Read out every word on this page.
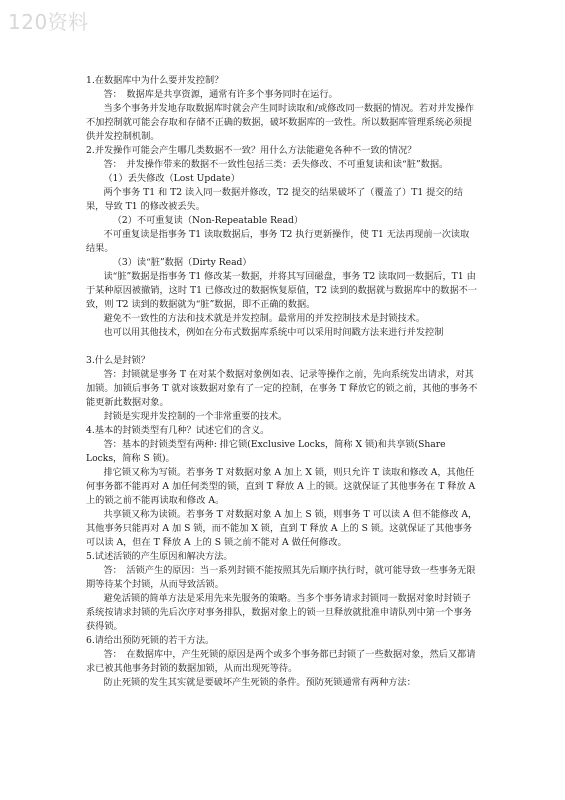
120资料

1.在数据库中为什么要并发控制？

答：　数据库是共享资源，通常有许多个事务同时在运行。

当多个事务并发地存取数据库时就会产生同时读取和/或修改同一数据的情况。若对并发操作不加控制就可能会存取和存储不正确的数据，破坏数据库的一致性。所以数据库管理系统必须提供并发控制机制。

2.并发操作可能会产生哪几类数据不一致？用什么方法能避免各种不一致的情况？

答：　并发操作带来的数据不一致性包括三类：丢失修改、不可重复读和读“脏”数据。

（1）丢失修改（Lost Update）

两个事务 T1 和 T2 读入同一数据并修改，T2 提交的结果破坏了（覆盖了）T1 提交的结果，导致 T1 的修改被丢失。

（2）不可重复读（Non-Repeatable Read）

不可重复读是指事务 T1 读取数据后，事务 T2 执行更新操作，使 T1 无法再现前一次读取结果。

（3）读“脏”数据（Dirty Read）

读“脏”数据是指事务 T1 修改某一数据，并将其写回磁盘，事务 T2 读取同一数据后，T1 由于某种原因被撤销，这时 T1 已修改过的数据恢复原值，T2 读到的数据就与数据库中的数据不一致，则 T2 读到的数据就为“脏”数据，即不正确的数据。

避免不一致性的方法和技术就是并发控制。最常用的并发控制技术是封锁技术。

也可以用其他技术，例如在分布式数据库系统中可以采用时间戳方法来进行并发控制

3.什么是封锁？

答：封锁就是事务 T 在对某个数据对象例如表、记录等操作之前，先向系统发出请求，对其加锁。加锁后事务 T 就对该数据对象有了一定的控制，在事务 T 释放它的锁之前，其他的事务不能更新此数据对象。

封锁是实现并发控制的一个非常重要的技术。

4.基本的封锁类型有几种？试述它们的含义。

答：基本的封锁类型有两种: 排它锁(Exclusive Locks，简称 X 锁)和共享锁(Share Locks，简称 S 锁)。

排它锁又称为写锁。若事务 T 对数据对象 A 加上 X 锁，则只允许 T 读取和修改 A，其他任何事务都不能再对 A 加任何类型的锁，直到 T 释放 A 上的锁。这就保证了其他事务在 T 释放 A 上的锁之前不能再读取和修改 A。

共享锁又称为读锁。若事务 T 对数据对象 A 加上 S 锁，则事务 T 可以读 A 但不能修改 A，其他事务只能再对 A 加 S 锁，而不能加 X 锁，直到 T 释放 A 上的 S 锁。这就保证了其他事务可以读 A，但在 T 释放 A 上的 S 锁之前不能对 A 做任何修改。

5.试述活锁的产生原因和解决方法。

答：　活锁产生的原因：当一系列封锁不能按照其先后顺序执行时，就可能导致一些事务无限期等待某个封锁，从而导致活锁。

避免活锁的简单方法是采用先来先服务的策略。当多个事务请求封锁同一数据对象时封锁子系统按请求封锁的先后次序对事务排队，数据对象上的锁一旦释放就批准申请队列中第一个事务获得锁。

6.请给出预防死锁的若干方法。

答：　在数据库中，产生死锁的原因是两个或多个事务都已封锁了一些数据对象，然后又都请求已被其他事务封锁的数据加锁，从而出现死等待。

防止死锁的发生其实就是要破坏产生死锁的条件。预防死锁通常有两种方法：
